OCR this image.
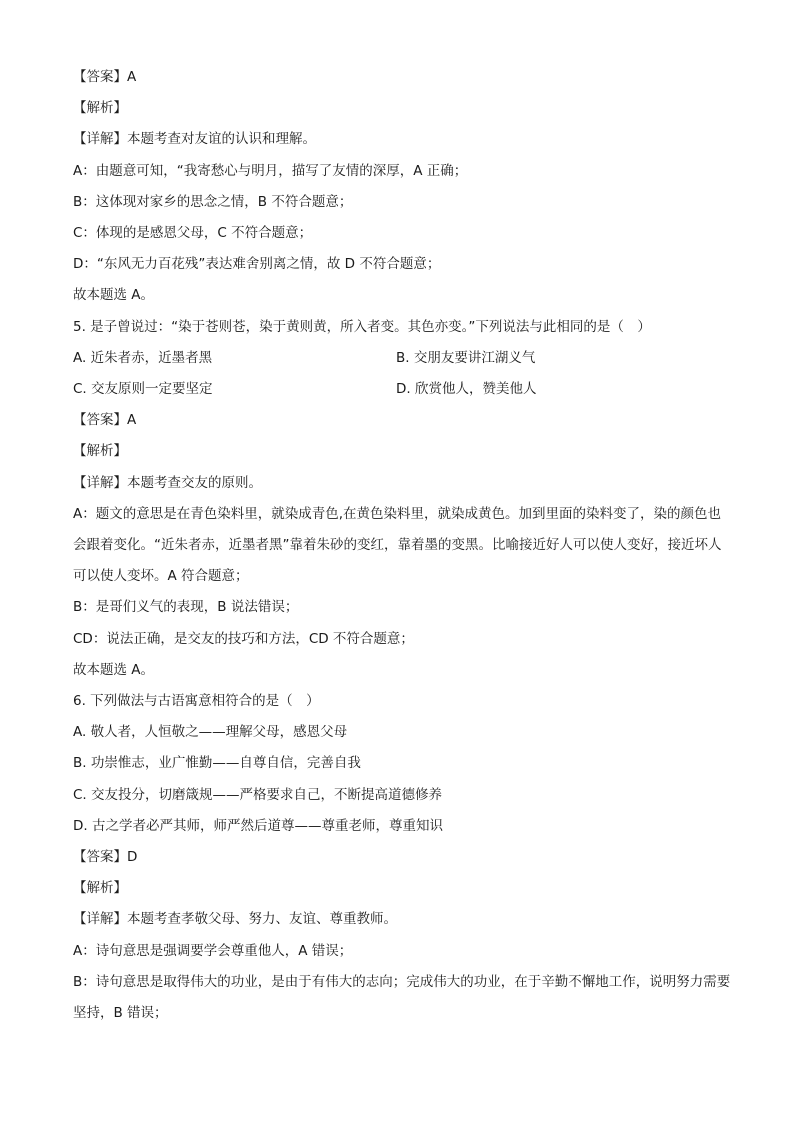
【答案】A
【解析】
【详解】本题考查对友谊的认识和理解。
A：由题意可知，“我寄愁心与明月，描写了友情的深厚，A 正确；
B：这体现对家乡的思念之情，B 不符合题意；
C：体现的是感恩父母，C 不符合题意；
D：“东风无力百花残”表达难舍别离之情，故 D 不符合题意；
故本题选 A。
5. 是子曾说过：“染于苍则苍，染于黄则黄，所入者变。其色亦变。”下列说法与此相同的是（　）
A. 近朱者赤，近墨者黑	B. 交朋友要讲江湖义气
C. 交友原则一定要坚定	D. 欣赏他人，赞美他人
【答案】A
【解析】
【详解】本题考查交友的原则。
A：题文的意思是在青色染料里，就染成青色,在黄色染料里，就染成黄色。加到里面的染料变了，染的颜色也会跟着变化。“近朱者赤，近墨者黑”靠着朱砂的变红，靠着墨的变黑。比喻接近好人可以使人变好，接近坏人可以使人变坏。A 符合题意；
B：是哥们义气的表现，B 说法错误；
CD：说法正确，是交友的技巧和方法，CD 不符合题意；
故本题选 A。
6. 下列做法与古语寓意相符合的是（　）
A. 敬人者，人恒敬之——理解父母，感恩父母
B. 功崇惟志，业广惟勤——自尊自信，完善自我
C. 交友投分，切磨箴规——严格要求自己，不断提高道德修养
D. 古之学者必严其师，师严然后道尊——尊重老师，尊重知识
【答案】D
【解析】
【详解】本题考查孝敬父母、努力、友谊、尊重教师。
A：诗句意思是强调要学会尊重他人，A 错误；
B：诗句意思是取得伟大的功业，是由于有伟大的志向；完成伟大的功业，在于辛勤不懈地工作，说明努力需要坚持，B 错误；
